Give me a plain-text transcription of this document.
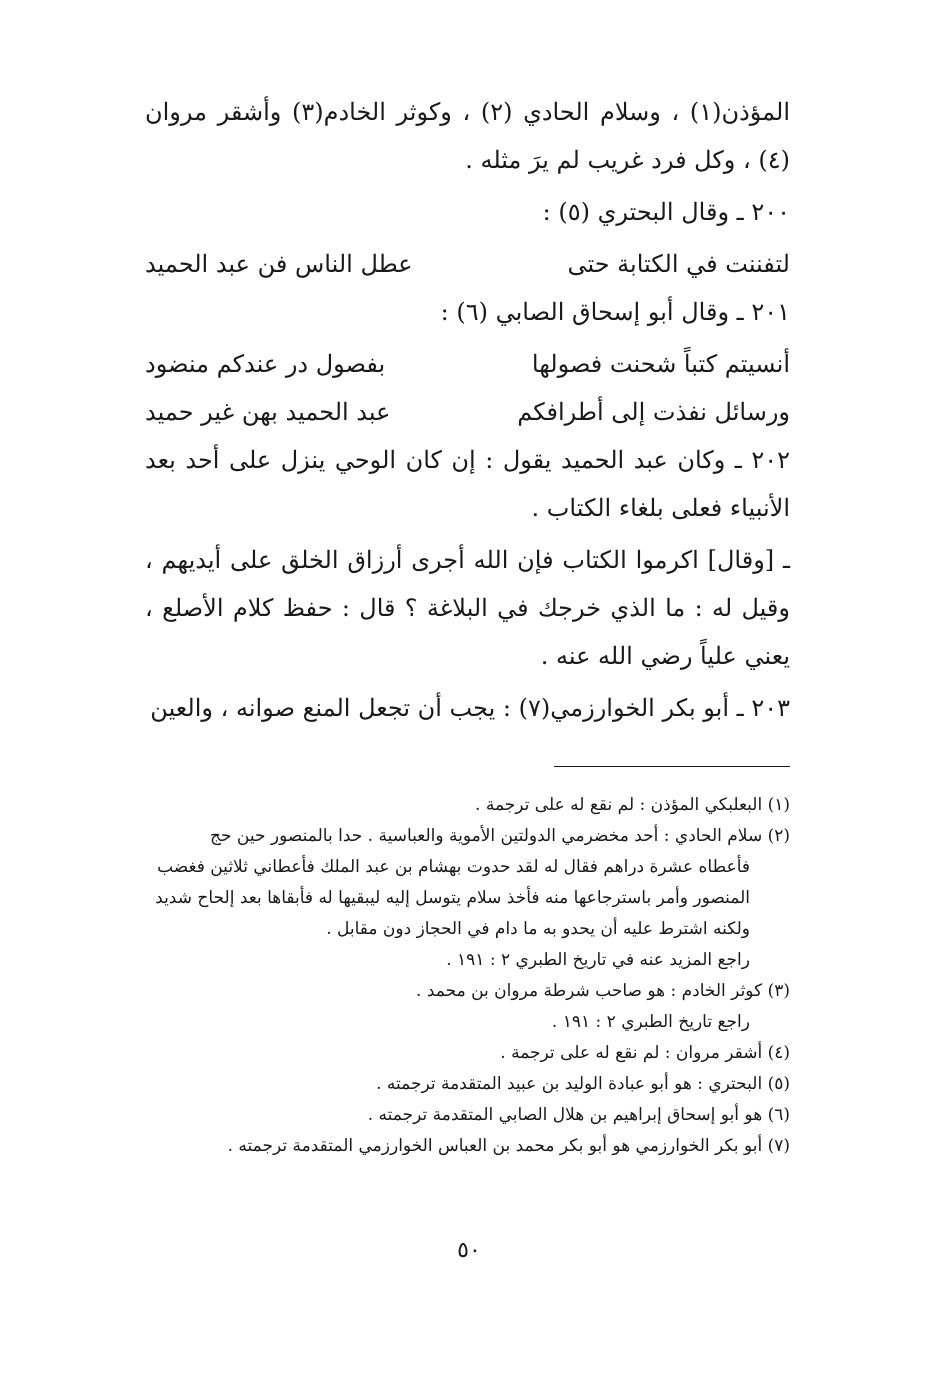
المؤذن(١) ، وسلام الحادي (٢) ، وكوثر الخادم(٣) وأشقر مروان (٤) ، وكل فرد غريب لم يرَ مثله .

٢٠٠ ـ وقال البحتري (٥) :

لتفننت في الكتابة حتى
عطل الناس فن عبد الحميد

٢٠١ ـ وقال أبو إسحاق الصابي (٦) :

أنسيتم كتباً شحنت فصولها
بفصول در عندكم منضود
ورسائل نفذت إلى أطرافكم
عبد الحميد بهن غير حميد

٢٠٢ ـ وكان عبد الحميد يقول : إن كان الوحي ينزل على أحد بعد الأنبياء فعلى بلغاء الكتاب .

ـ [وقال] اكرموا الكتاب فإن الله أجرى أرزاق الخلق على أيديهم ، وقيل له : ما الذي خرجك في البلاغة ؟ قال : حفظ كلام الأصلع ، يعني علياً رضي الله عنه .

٢٠٣ ـ أبو بكر الخوارزمي(٧) : يجب أن تجعل المنع صوانه ، والعين

(١) البعلبكي المؤذن : لم نقع له على ترجمة .

(٢) سلام الحادي : أحد مخضرمي الدولتين الأموية والعباسية . حدا بالمنصور حين حج

فأعطاه عشرة دراهم فقال له لقد حدوت بهشام بن عبد الملك فأعطاني ثلاثين فغضب المنصور وأمر باسترجاعها منه فأخذ سلام يتوسل إليه ليبقيها له فأبقاها بعد إلحاح شديد ولكنه اشترط عليه أن يحدو به ما دام في الحجاز دون مقابل .

راجع المزيد عنه في تاريخ الطبري ٢ : ١٩١ .

(٣) كوثر الخادم : هو صاحب شرطة مروان بن محمد .

راجع تاريخ الطبري ٢ : ١٩١ .

(٤) أشقر مروان : لم نقع له على ترجمة .

(٥) البحتري : هو أبو عبادة الوليد بن عبيد المتقدمة ترجمته .

(٦) هو أبو إسحاق إبراهيم بن هلال الصابي المتقدمة ترجمته .

(٧) أبو بكر الخوارزمي هو أبو بكر محمد بن العباس الخوارزمي المتقدمة ترجمته .

٥٠
